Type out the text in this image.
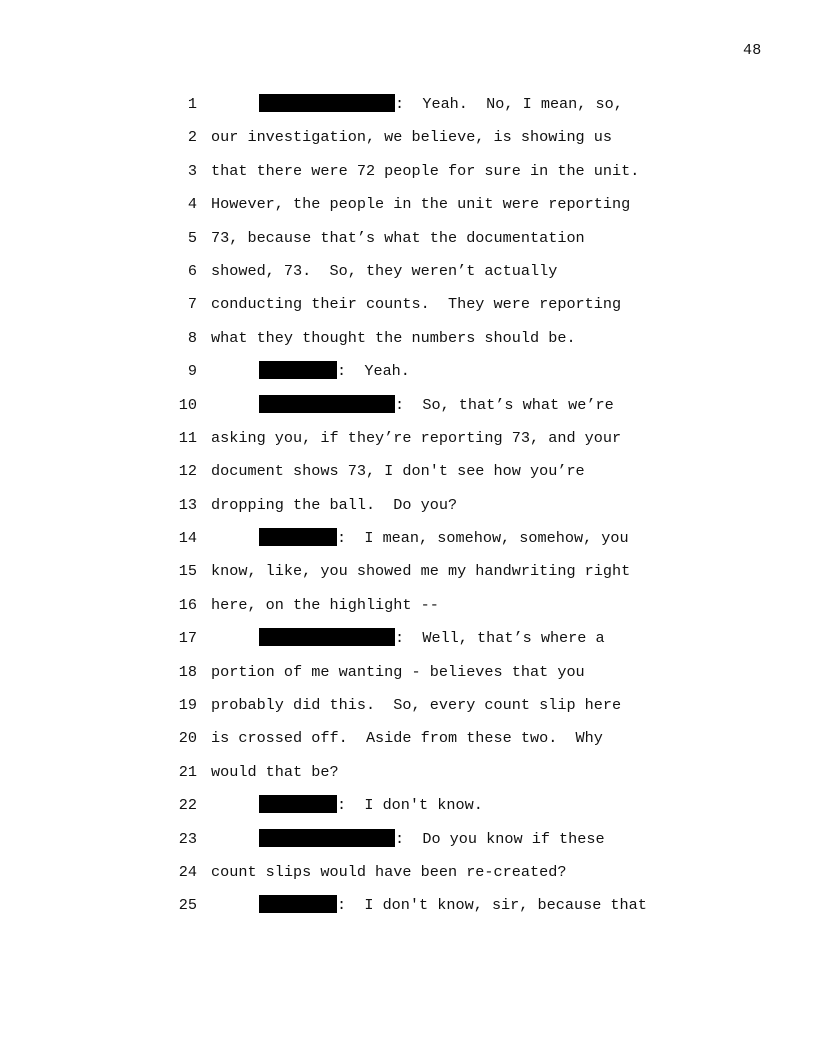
48
1	:  Yeah.  No, I mean, so,
2 our investigation, we believe, is showing us
3 that there were 72 people for sure in the unit.
4 However, the people in the unit were reporting
5 73, because that’s what the documentation
6 showed, 73.  So, they weren’t actually
7 conducting their counts.  They were reporting
8 what they thought the numbers should be.
9	:  Yeah.
10	:  So, that’s what we’re
11 asking you, if they’re reporting 73, and your
12 document shows 73, I don't see how you’re
13 dropping the ball.  Do you?
14	:  I mean, somehow, somehow, you
15 know, like, you showed me my handwriting right
16 here, on the highlight --
17	:  Well, that’s where a
18 portion of me wanting - believes that you
19 probably did this.  So, every count slip here
20 is crossed off.  Aside from these two.  Why
21 would that be?
22	:  I don't know.
23	:  Do you know if these
24 count slips would have been re-created?
25	:  I don't know, sir, because that
